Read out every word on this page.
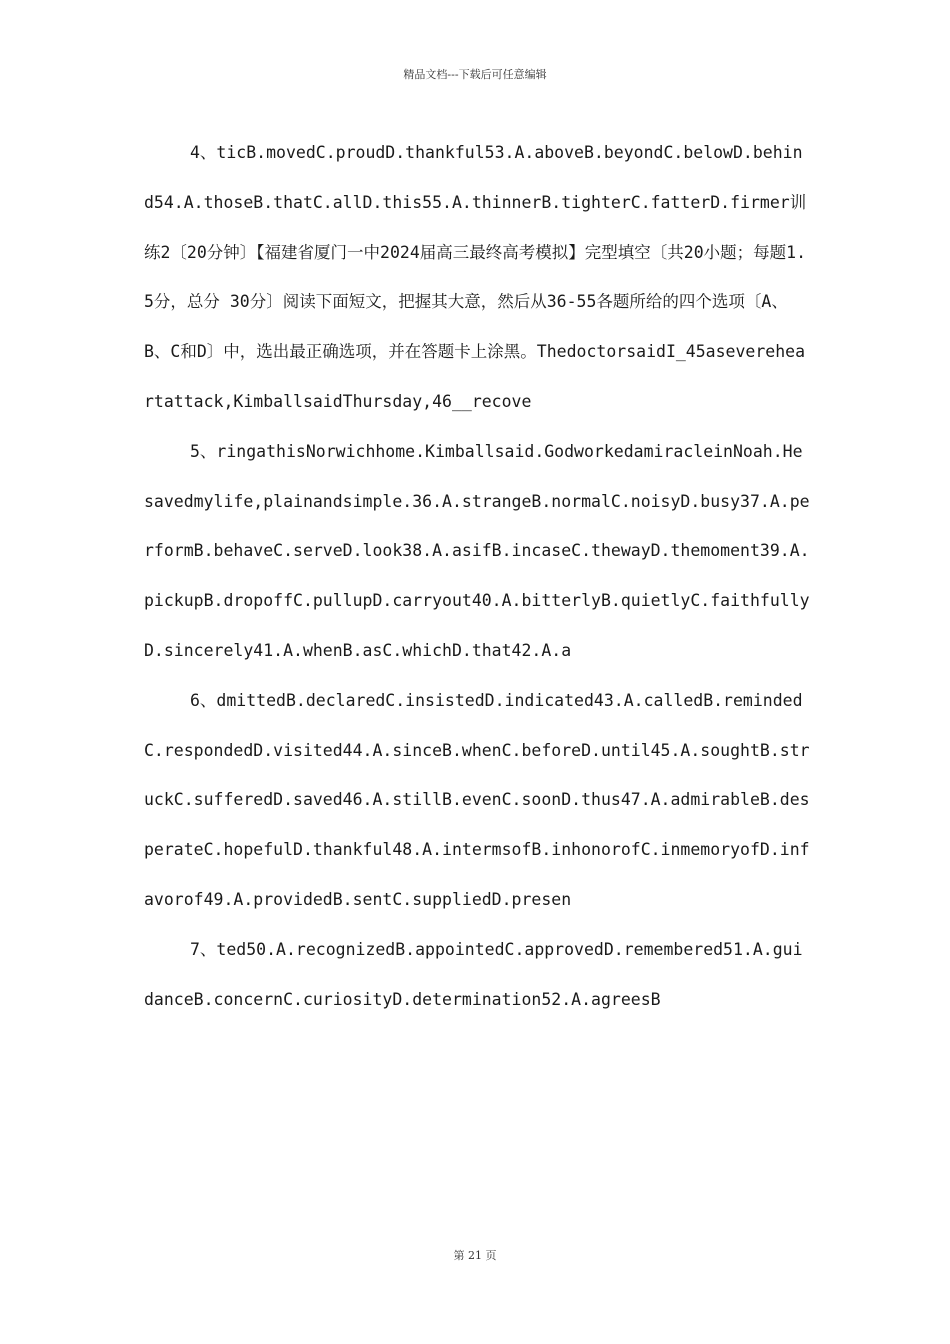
精品文档---下载后可任意编辑

4、ticB.movedC.proudD.thankful53.A.aboveB.beyondC.belowD.behind54.A.thoseB.thatC.allD.this55.A.thinnerB.tighterC.fatterD.firmer训练2〔20分钟〕【福建省厦门一中2024届高三最终高考模拟】完型填空〔共20小题；每题1.5分，总分 30分〕阅读下面短文，把握其大意，然后从36-55各题所给的四个选项〔A、B、C和D〕中，选出最正确选项，并在答题卡上涂黑。ThedoctorsaidI_45asevereheartattack,KimballsaidThursday,46__recove

5、ringathisNorwichhome.Kimballsaid.GodworkedamiracleinNoah.Hesavedmylife,plainandsimple.36.A.strangeB.normalC.noisyD.busy37.A.performB.behaveC.serveD.look38.A.asifB.incaseC.thewayD.themoment39.A.pickupB.dropoffC.pullupD.carryout40.A.bitterlyB.quietlyC.faithfullyD.sincerely41.A.whenB.asC.whichD.that42.A.a

6、dmittedB.declaredC.insistedD.indicated43.A.calledB.remindedC.respondedD.visited44.A.sinceB.whenC.beforeD.until45.A.soughtB.struckC.sufferedD.saved46.A.stillB.evenC.soonD.thus47.A.admirableB.desperateC.hopefulD.thankful48.A.intermsofB.inhonorofC.inmemoryofD.infavorof49.A.providedB.sentC.suppliedD.presen

7、ted50.A.recognizedB.appointedC.approvedD.remembered51.A.guidanceB.concernC.curiosityD.determination52.A.agreesB

第 21 页
